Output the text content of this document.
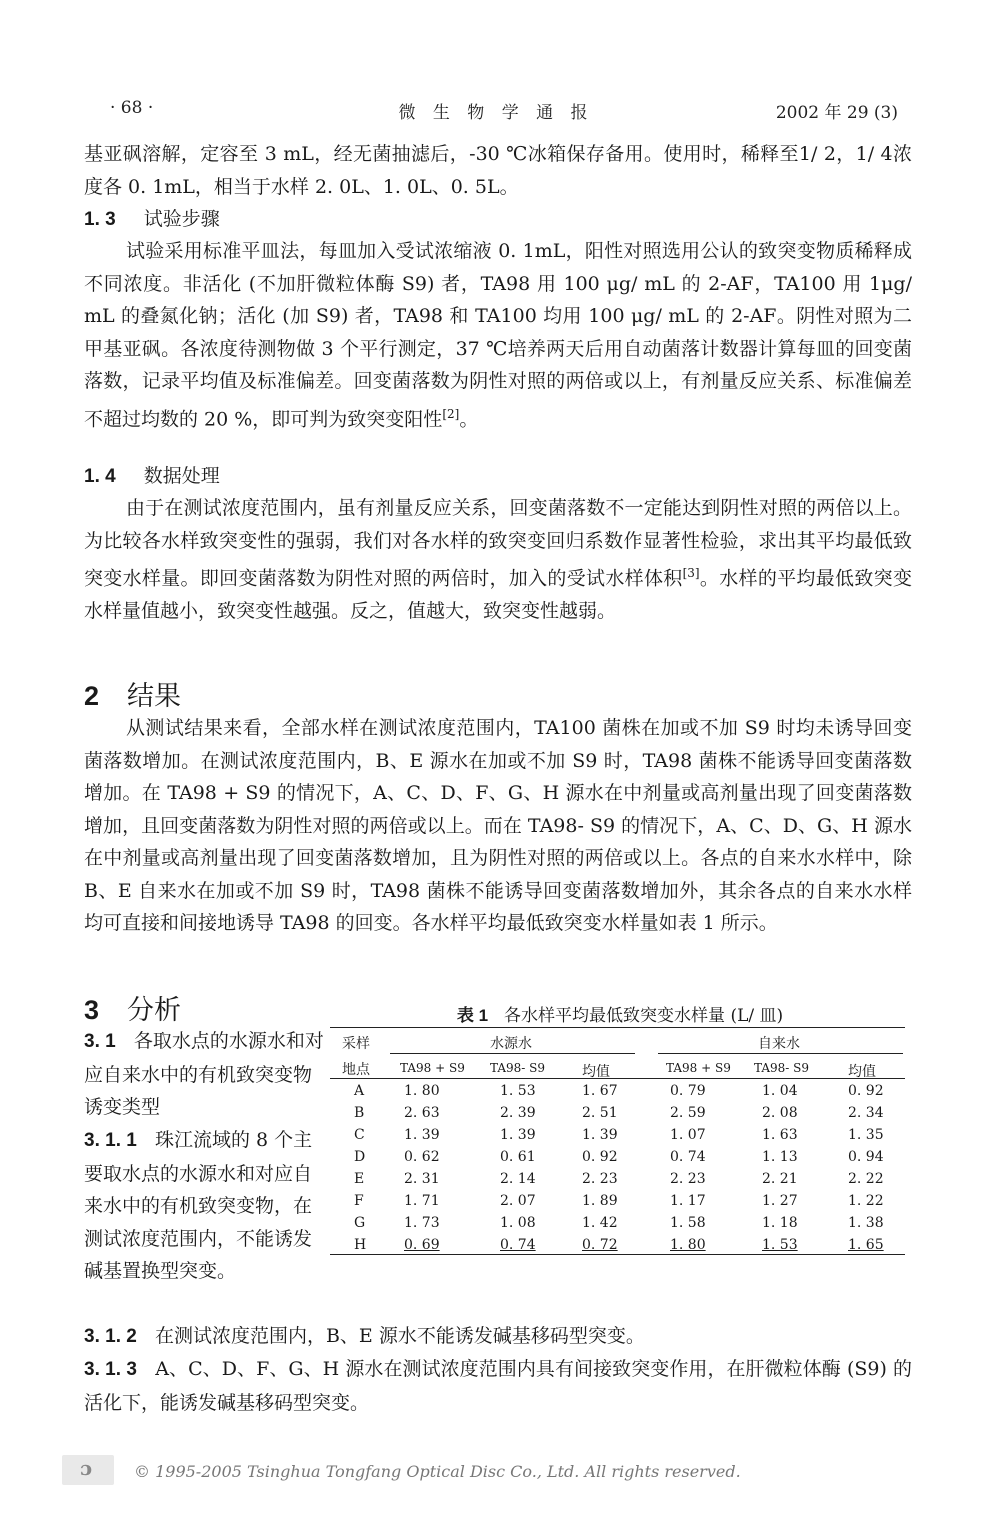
· 68 ·	微 生 物 学 通 报	2002 年 29 (3)

基亚砜溶解，定容至 3 mL，经无菌抽滤后，-30 ℃冰箱保存备用。使用时，稀释至1/ 2，1/ 4浓度各 0. 1mL，相当于水样 2. 0L、1. 0L、0. 5L。

1. 3 试验步骤

试验采用标准平皿法，每皿加入受试浓缩液 0. 1mL，阳性对照选用公认的致突变物质稀释成不同浓度。非活化 (不加肝微粒体酶 S9) 者，TA98 用 100 μg/ mL 的 2-AF，TA100 用 1μg/ mL 的叠氮化钠；活化 (加 S9) 者，TA98 和 TA100 均用 100 μg/ mL 的 2-AF。阴性对照为二甲基亚砜。各浓度待测物做 3 个平行测定，37 ℃培养两天后用自动菌落计数器计算每皿的回变菌落数，记录平均值及标准偏差。回变菌落数为阴性对照的两倍或以上，有剂量反应关系、标准偏差不超过均数的 20 %，即可判为致突变阳性[2]。

1. 4 数据处理

由于在测试浓度范围内，虽有剂量反应关系，回变菌落数不一定能达到阴性对照的两倍以上。为比较各水样致突变性的强弱，我们对各水样的致突变回归系数作显著性检验，求出其平均最低致突变水样量。即回变菌落数为阴性对照的两倍时，加入的受试水样体积[3]。水样的平均最低致突变水样量值越小，致突变性越强。反之，值越大，致突变性越弱。

2 结果

从测试结果来看，全部水样在测试浓度范围内，TA100 菌株在加或不加 S9 时均未诱导回变菌落数增加。在测试浓度范围内，B、E 源水在加或不加 S9 时，TA98 菌株不能诱导回变菌落数增加。在 TA98 + S9 的情况下，A、C、D、F、G、H 源水在中剂量或高剂量出现了回变菌落数增加，且回变菌落数为阴性对照的两倍或以上。而在 TA98- S9 的情况下，A、C、D、G、H 源水在中剂量或高剂量出现了回变菌落数增加，且为阴性对照的两倍或以上。各点的自来水水样中，除 B、E 自来水在加或不加 S9 时，TA98 菌株不能诱导回变菌落数增加外，其余各点的自来水水样均可直接和间接地诱导 TA98 的回变。各水样平均最低致突变水样量如表 1 所示。

3 分析

3. 1 各取水点的水源水和对应自来水中的有机致突变物诱变类型

3. 1. 1 珠江流域的 8 个主要取水点的水源水和对应自来水中的有机致突变物，在测试浓度范围内，不能诱发碱基置换型突变。

表 1 各水样平均最低致突变水样量 (L/ 皿)
采样
地点
水源水	自来水
TA98 + S9 TA98- S9	均值	TA98 + S9 TA98- S9	均值
A	1. 80	1. 53	1. 67	0. 79	1. 04	0. 92
B	2. 63	2. 39	2. 51	2. 59	2. 08	2. 34
C	1. 39	1. 39	1. 39	1. 07	1. 63	1. 35
D	0. 62	0. 61	0. 92	0. 74	1. 13	0. 94
E	2. 31	2. 14	2. 23	2. 23	2. 21	2. 22
F	1. 71	2. 07	1. 89	1. 17	1. 27	1. 22
G	1. 73	1. 08	1. 42	1. 58	1. 18	1. 38
H	0. 69	0. 74	0. 72	1. 80	1. 53	1. 65

3. 1. 2 在测试浓度范围内，B、E 源水不能诱发碱基移码型突变。

3. 1. 3 A、C、D、F、G、H 源水在测试浓度范围内具有间接致突变作用，在肝微粒体酶 (S9) 的活化下，能诱发碱基移码型突变。

ɔ	© 1995-2005 Tsinghua Tongfang Optical Disc Co., Ltd. All rights reserved.
